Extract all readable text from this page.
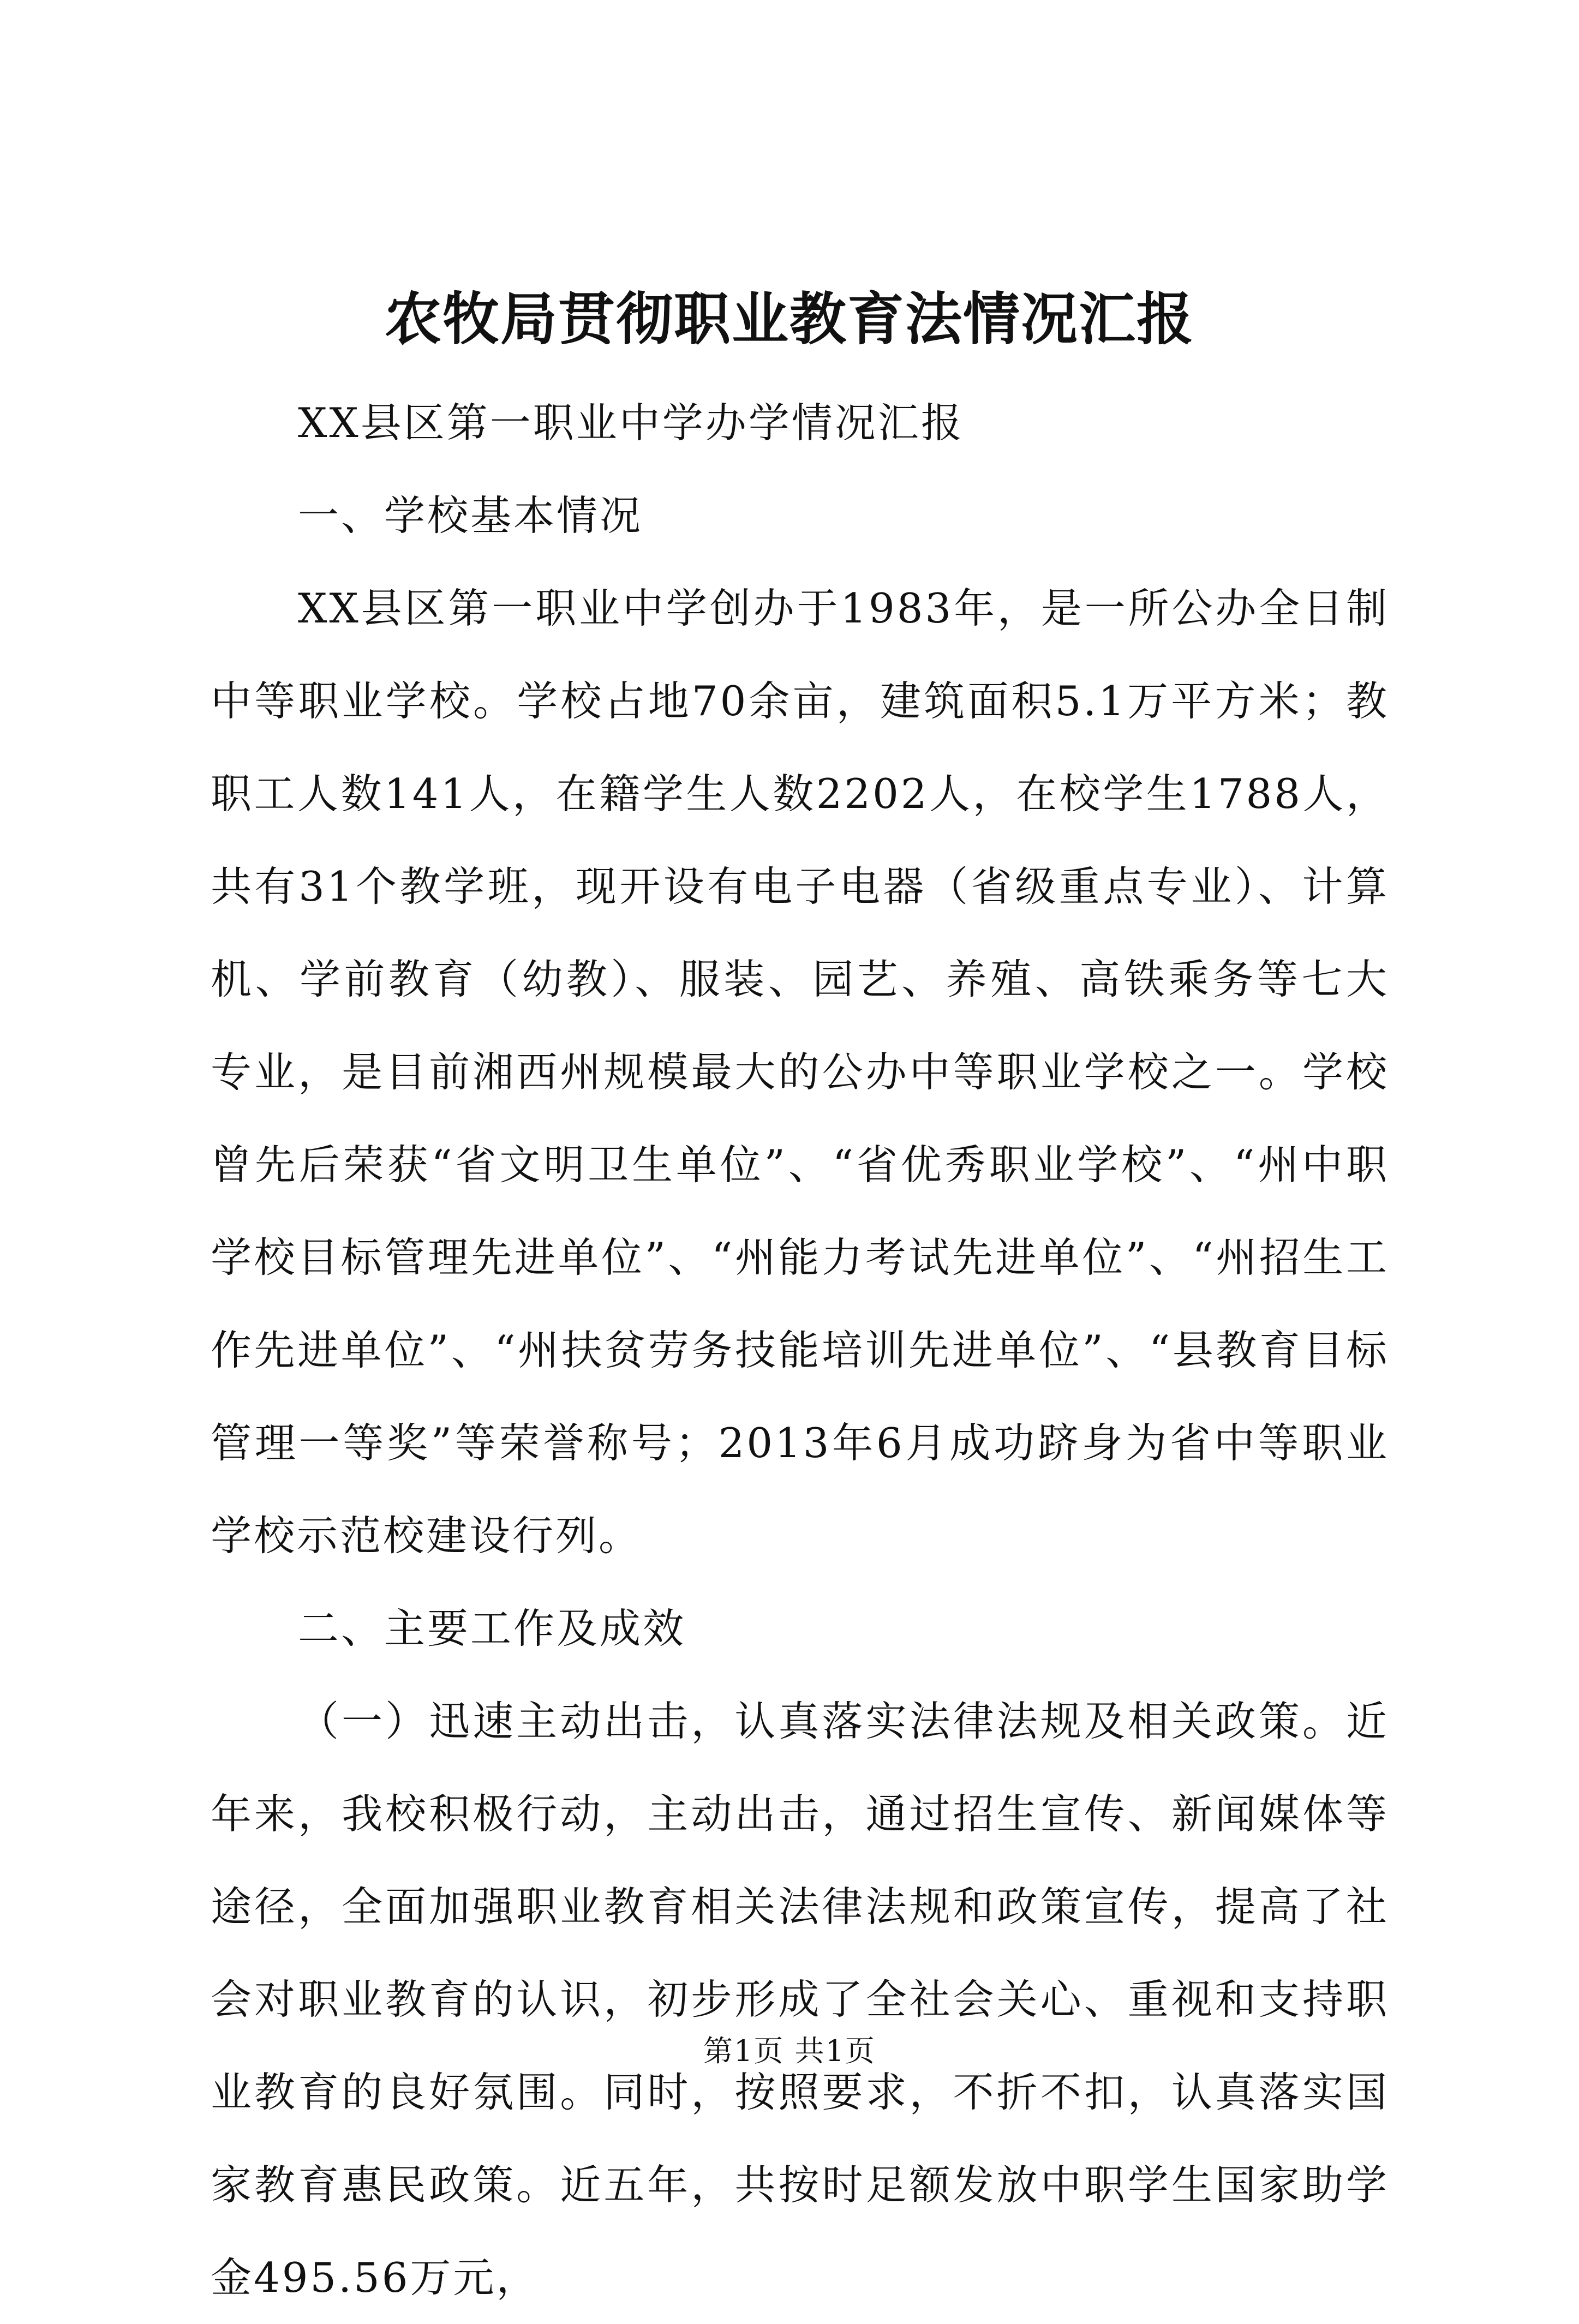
农牧局贯彻职业教育法情况汇报

XX县区第一职业中学办学情况汇报

一、学校基本情况

XX县区第一职业中学创办于1983年，是一所公办全日制中等职业学校。学校占地70余亩，建筑面积5.1万平方米；教职工人数141人，在籍学生人数2202人，在校学生1788人，共有31个教学班，现开设有电子电器（省级重点专业）、计算机、学前教育（幼教）、服装、园艺、养殖、高铁乘务等七大专业，是目前湘西州规模最大的公办中等职业学校之一。学校曾先后荣获“省文明卫生单位”、“省优秀职业学校”、“州中职学校目标管理先进单位”、“州能力考试先进单位”、“州招生工作先进单位”、“州扶贫劳务技能培训先进单位”、“县教育目标管理一等奖”等荣誉称号；2013年6月成功跻身为省中等职业学校示范校建设行列。

二、主要工作及成效

（一）迅速主动出击，认真落实法律法规及相关政策。近年来，我校积极行动，主动出击，通过招生宣传、新闻媒体等途径，全面加强职业教育相关法律法规和政策宣传，提高了社会对职业教育的认识，初步形成了全社会关心、重视和支持职业教育的良好氛围。同时，按照要求，不折不扣，认真落实国家教育惠民政策。近五年，共按时足额发放中职学生国家助学金495.56万元，

第1页 共1页
